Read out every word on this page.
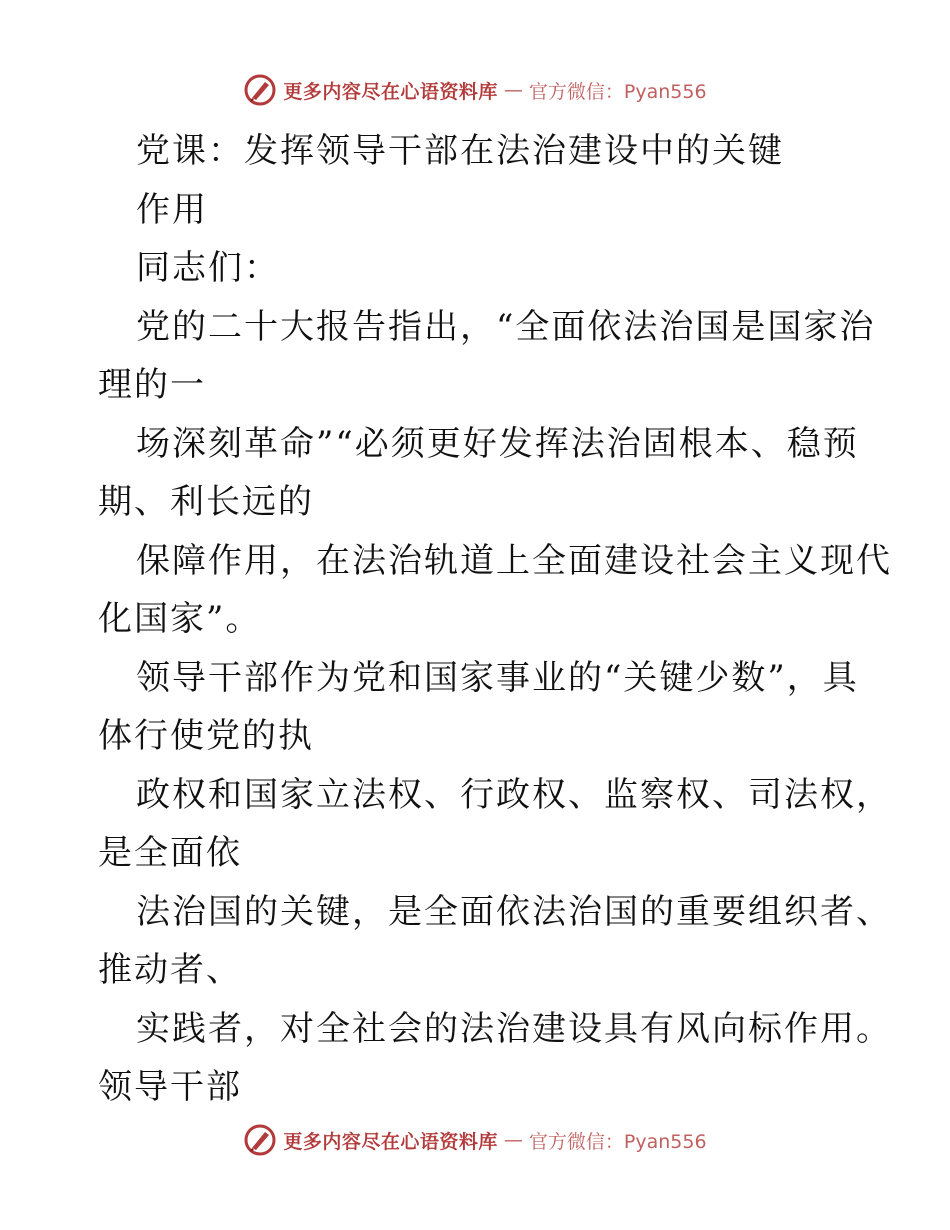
更多内容尽在心语资料库 — 官方微信：Pyan556
党课：发挥领导干部在法治建设中的关键
作用
同志们：
党的二十大报告指出，“全面依法治国是国家治
理的一
场深刻革命”“必须更好发挥法治固根本、稳预
期、利长远的
保障作用，在法治轨道上全面建设社会主义现代
化国家”。
领导干部作为党和国家事业的“关键少数”，具
体行使党的执
政权和国家立法权、行政权、监察权、司法权，
是全面依
法治国的关键，是全面依法治国的重要组织者、
推动者、
实践者，对全社会的法治建设具有风向标作用。
领导干部
更多内容尽在心语资料库 — 官方微信：Pyan556
